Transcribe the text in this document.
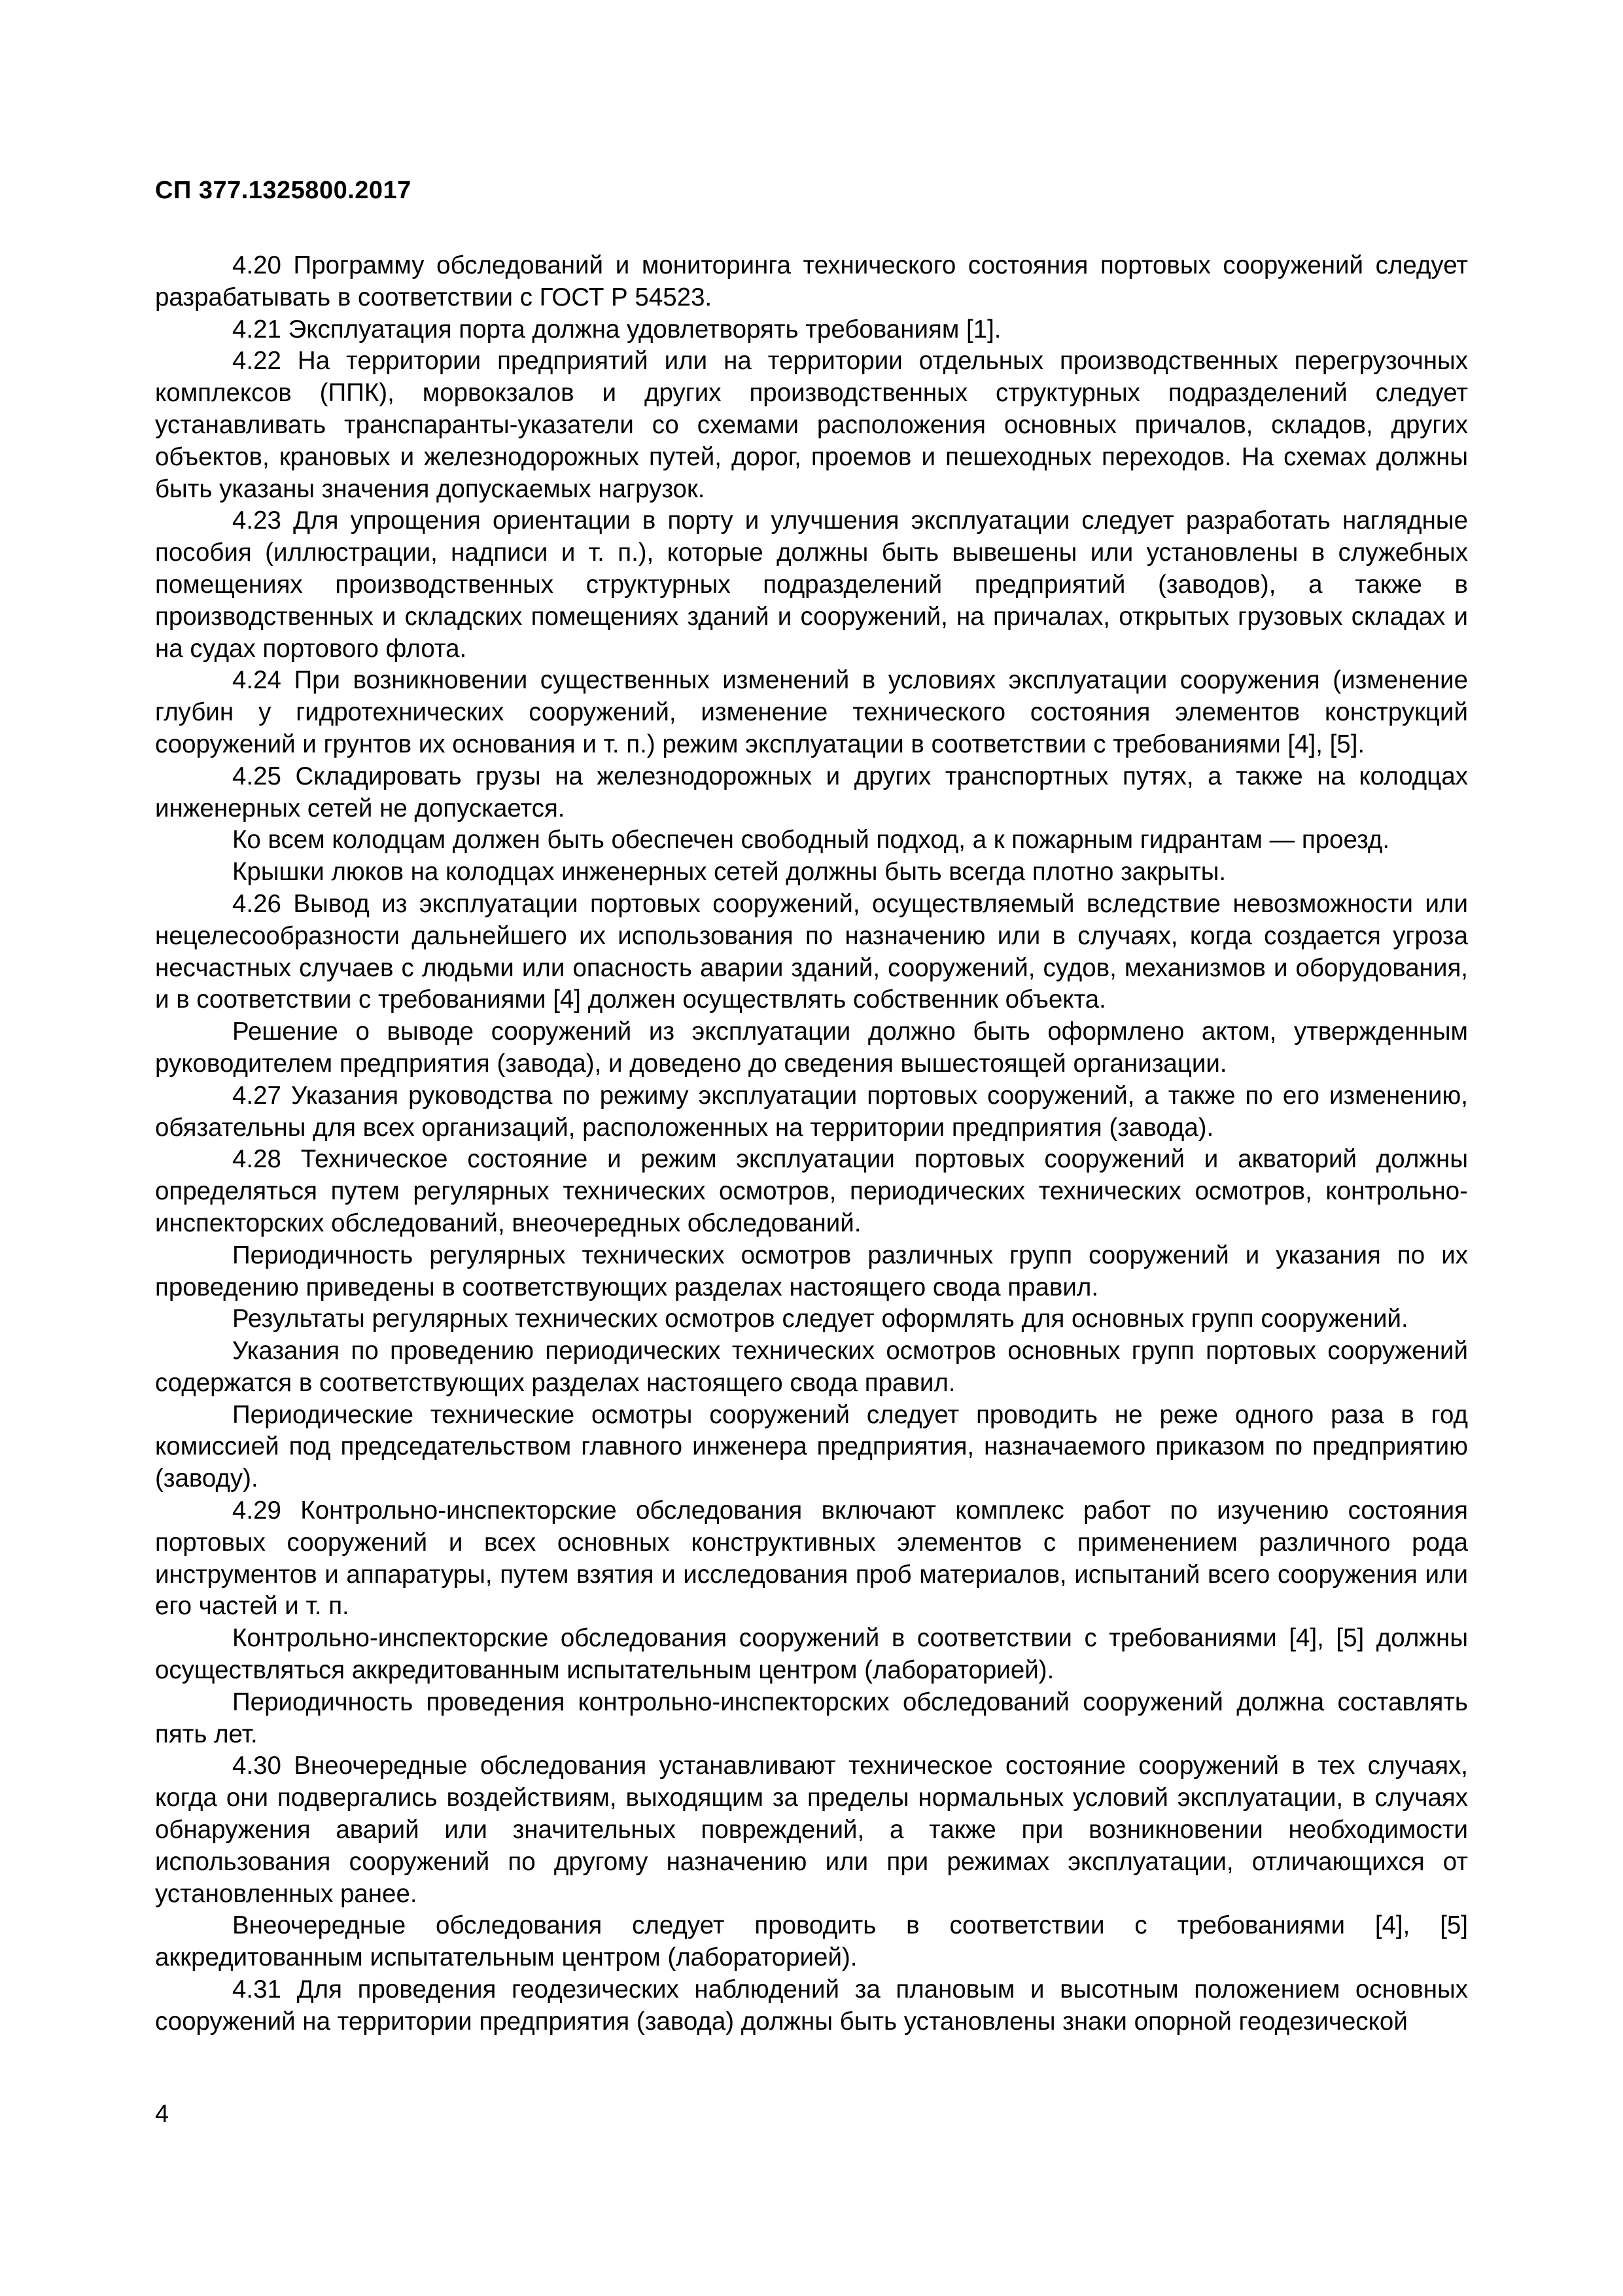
СП 377.1325800.2017

4.20 Программу обследований и мониторинга технического состояния портовых сооружений следует разрабатывать в соответствии с ГОСТ Р 54523.

4.21 Эксплуатация порта должна удовлетворять требованиям [1].

4.22 На территории предприятий или на территории отдельных производственных перегрузочных комплексов (ППК), морвокзалов и других производственных структурных подразделений следует устанавливать транспаранты-указатели со схемами расположения основных причалов, складов, других объектов, крановых и железнодорожных путей, дорог, проемов и пешеходных переходов. На схемах должны быть указаны значения допускаемых нагрузок.

4.23 Для упрощения ориентации в порту и улучшения эксплуатации следует разработать наглядные пособия (иллюстрации, надписи и т. п.), которые должны быть вывешены или установлены в служебных помещениях производственных структурных подразделений предприятий (заводов), а также в производственных и складских помещениях зданий и сооружений, на причалах, открытых грузовых складах и на судах портового флота.

4.24 При возникновении существенных изменений в условиях эксплуатации сооружения (изменение глубин у гидротехнических сооружений, изменение технического состояния элементов конструкций сооружений и грунтов их основания и т. п.) режим эксплуатации в соответствии с требованиями [4], [5].

4.25 Складировать грузы на железнодорожных и других транспортных путях, а также на колодцах инженерных сетей не допускается.

Ко всем колодцам должен быть обеспечен свободный подход, а к пожарным гидрантам — проезд.

Крышки люков на колодцах инженерных сетей должны быть всегда плотно закрыты.

4.26 Вывод из эксплуатации портовых сооружений, осуществляемый вследствие невозможности или нецелесообразности дальнейшего их использования по назначению или в случаях, когда создается угроза несчастных случаев с людьми или опасность аварии зданий, сооружений, судов, механизмов и оборудования, и в соответствии с требованиями [4] должен осуществлять собственник объекта.

Решение о выводе сооружений из эксплуатации должно быть оформлено актом, утвержденным руководителем предприятия (завода), и доведено до сведения вышестоящей организации.

4.27 Указания руководства по режиму эксплуатации портовых сооружений, а также по его изменению, обязательны для всех организаций, расположенных на территории предприятия (завода).

4.28 Техническое состояние и режим эксплуатации портовых сооружений и акваторий должны определяться путем регулярных технических осмотров, периодических технических осмотров, контрольно-инспекторских обследований, внеочередных обследований.

Периодичность регулярных технических осмотров различных групп сооружений и указания по их проведению приведены в соответствующих разделах настоящего свода правил.

Результаты регулярных технических осмотров следует оформлять для основных групп сооружений.

Указания по проведению периодических технических осмотров основных групп портовых сооружений содержатся в соответствующих разделах настоящего свода правил.

Периодические технические осмотры сооружений следует проводить не реже одного раза в год комиссией под председательством главного инженера предприятия, назначаемого приказом по предприятию (заводу).

4.29 Контрольно-инспекторские обследования включают комплекс работ по изучению состояния портовых сооружений и всех основных конструктивных элементов с применением различного рода инструментов и аппаратуры, путем взятия и исследования проб материалов, испытаний всего сооружения или его частей и т. п.

Контрольно-инспекторские обследования сооружений в соответствии с требованиями [4], [5] должны осуществляться аккредитованным испытательным центром (лабораторией).

Периодичность проведения контрольно-инспекторских обследований сооружений должна составлять пять лет.

4.30 Внеочередные обследования устанавливают техническое состояние сооружений в тех случаях, когда они подвергались воздействиям, выходящим за пределы нормальных условий эксплуатации, в случаях обнаружения аварий или значительных повреждений, а также при возникновении необходимости использования сооружений по другому назначению или при режимах эксплуатации, отличающихся от установленных ранее.

Внеочередные обследования следует проводить в соответствии с требованиями [4], [5] аккредитованным испытательным центром (лабораторией).

4.31 Для проведения геодезических наблюдений за плановым и высотным положением основных сооружений на территории предприятия (завода) должны быть установлены знаки опорной геодезической

4
